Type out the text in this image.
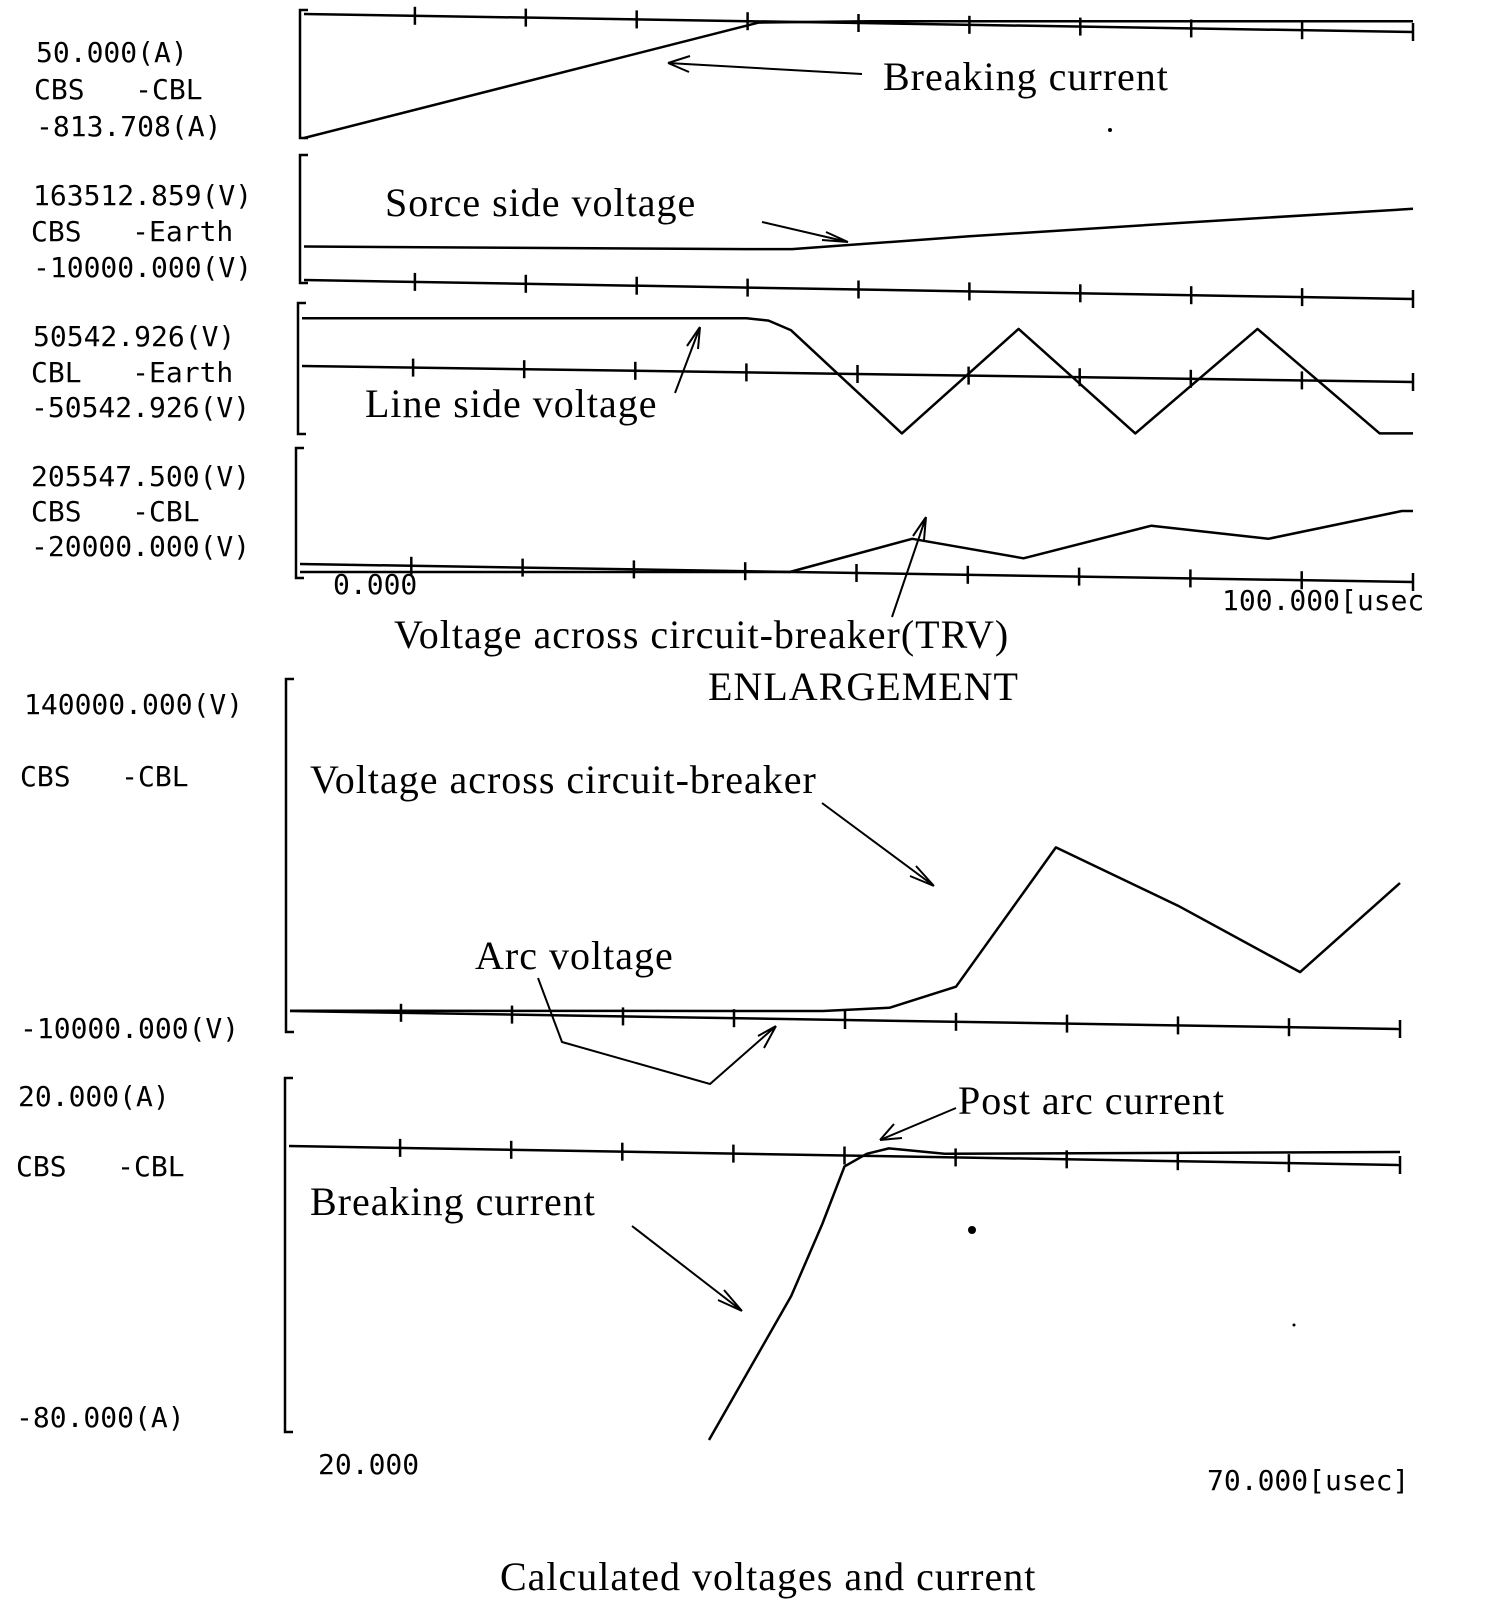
50.000(A)
CBS   -CBL
-813.708(A)
163512.859(V)
CBS   -Earth
-10000.000(V)
50542.926(V)
CBL   -Earth
-50542.926(V)
205547.500(V)
CBS   -CBL
-20000.000(V)
0.000	100.000[usec
Voltage across circuit-breaker(TRV)
ENLARGEMENT
140000.000(V)
CBS   -CBL
-10000.000(V)
20.000(A)
CBS   -CBL
-80.000(A)
20.000	70.000[usec]
Calculated voltages and current
Breaking current
Sorce side voltage
Line side voltage
Voltage across circuit-breaker
Arc voltage
Post arc current
Breaking current
